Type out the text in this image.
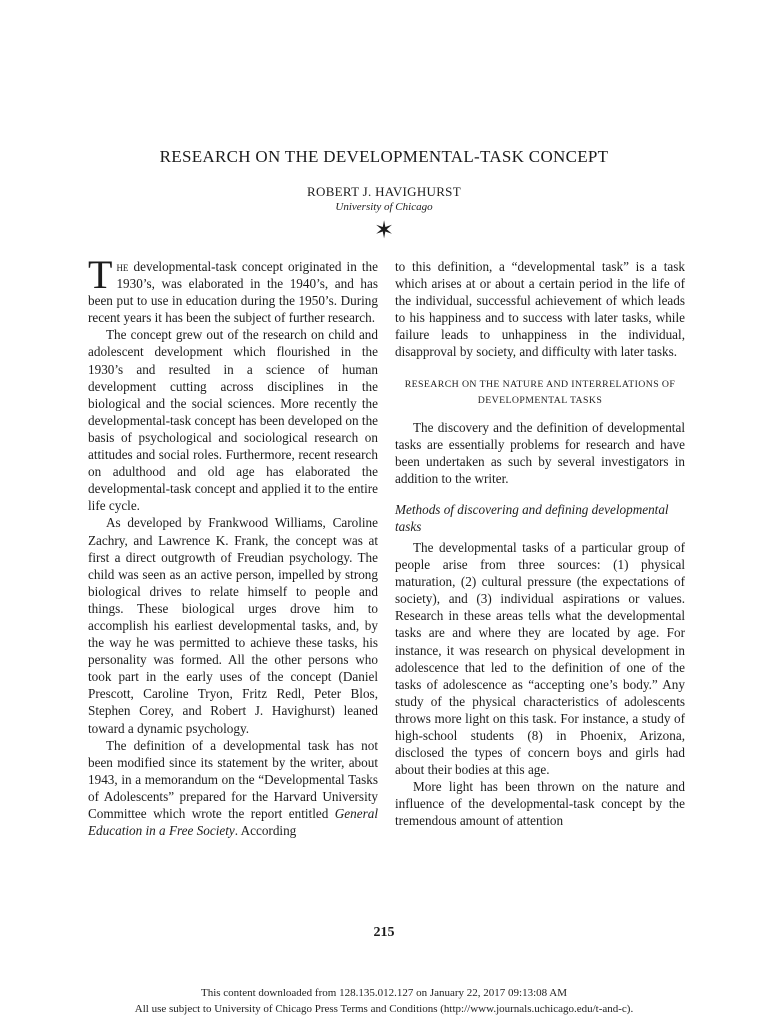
RESEARCH ON THE DEVELOPMENTAL-TASK CONCEPT
ROBERT J. HAVIGHURST
University of Chicago
✶

The developmental-task concept originated in the 1930’s, was elaborated in the 1940’s, and has been put to use in education during the 1950’s. During recent years it has been the subject of further research.

The concept grew out of the research on child and adolescent development which flourished in the 1930’s and resulted in a science of human development cutting across disciplines in the biological and the social sciences. More recently the developmental-task concept has been developed on the basis of psychological and sociological research on attitudes and social roles. Furthermore, recent research on adulthood and old age has elaborated the developmental-task concept and applied it to the entire life cycle.

As developed by Frankwood Williams, Caroline Zachry, and Lawrence K. Frank, the concept was at first a direct outgrowth of Freudian psychology. The child was seen as an active person, impelled by strong biological drives to relate himself to people and things. These biological urges drove him to accomplish his earliest developmental tasks, and, by the way he was permitted to achieve these tasks, his personality was formed. All the other persons who took part in the early uses of the concept (Daniel Prescott, Caroline Tryon, Fritz Redl, Peter Blos, Stephen Corey, and Robert J. Havighurst) leaned toward a dynamic psychology.

The definition of a developmental task has not been modified since its statement by the writer, about 1943, in a memorandum on the “Developmental Tasks of Adolescents” prepared for the Harvard University Committee which wrote the report entitled General Education in a Free Society. According

to this definition, a “developmental task” is a task which arises at or about a certain period in the life of the individual, successful achievement of which leads to his happiness and to success with later tasks, while failure leads to unhappiness in the individual, disapproval by society, and difficulty with later tasks.

RESEARCH ON THE NATURE AND INTERRELATIONS OF DEVELOPMENTAL TASKS

The discovery and the definition of developmental tasks are essentially problems for research and have been undertaken as such by several investigators in addition to the writer.

Methods of discovering and defining developmental tasks

The developmental tasks of a particular group of people arise from three sources: (1) physical maturation, (2) cultural pressure (the expectations of society), and (3) individual aspirations or values. Research in these areas tells what the developmental tasks are and where they are located by age. For instance, it was research on physical development in adolescence that led to the definition of one of the tasks of adolescence as “accepting one’s body.” Any study of the physical characteristics of adolescents throws more light on this task. For instance, a study of high-school students (8) in Phoenix, Arizona, disclosed the types of concern boys and girls had about their bodies at this age.

More light has been thrown on the nature and influence of the developmental-task concept by the tremendous amount of attention

215
This content downloaded from 128.135.012.127 on January 22, 2017 09:13:08 AM
All use subject to University of Chicago Press Terms and Conditions (http://www.journals.uchicago.edu/t-and-c).
